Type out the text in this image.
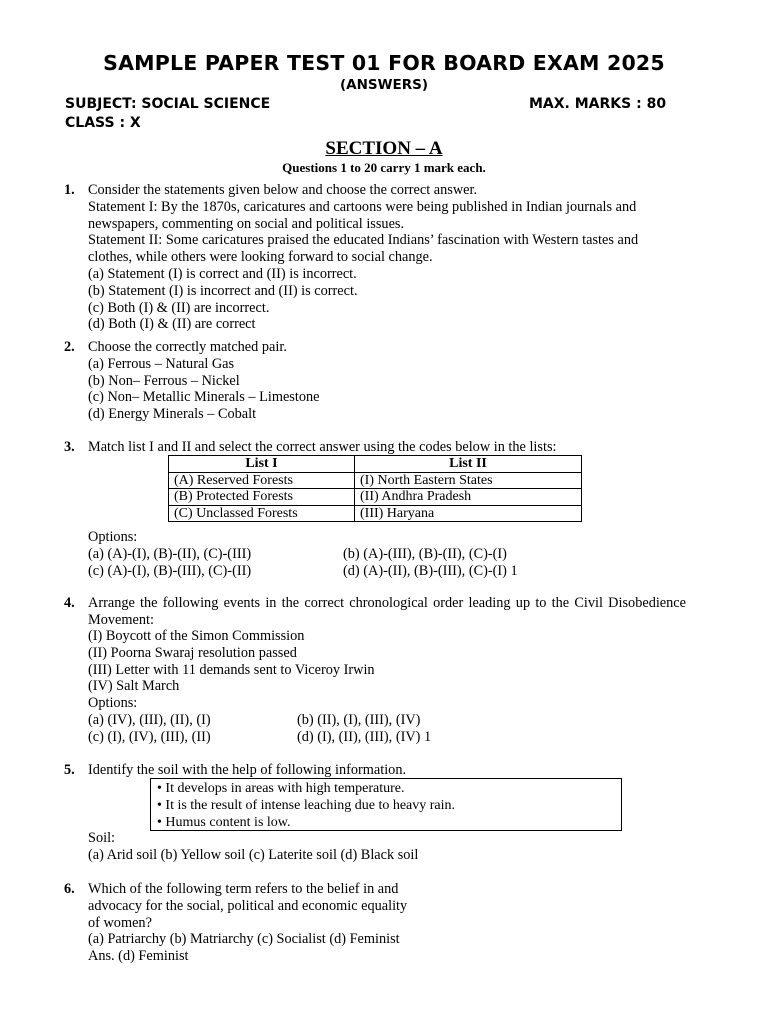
SAMPLE PAPER TEST 01 FOR BOARD EXAM 2025
(ANSWERS)
SUBJECT: SOCIAL SCIENCE	MAX. MARKS : 80
CLASS : X
SECTION – A
Questions 1 to 20 carry 1 mark each.
1. Consider the statements given below and choose the correct answer.
Statement I: By the 1870s, caricatures and cartoons were being published in Indian journals and
newspapers, commenting on social and political issues.
Statement II: Some caricatures praised the educated Indians’ fascination with Western tastes and
clothes, while others were looking forward to social change.
(a) Statement (I) is correct and (II) is incorrect.
(b) Statement (I) is incorrect and (II) is correct.
(c) Both (I) & (II) are incorrect.
(d) Both (I) & (II) are correct
2. Choose the correctly matched pair.
(a) Ferrous – Natural Gas
(b) Non– Ferrous – Nickel
(c) Non– Metallic Minerals – Limestone
(d) Energy Minerals – Cobalt
3. Match list I and II and select the correct answer using the codes below in the lists:
List I	List II
(A) Reserved Forests	(I) North Eastern States
(B) Protected Forests	(II) Andhra Pradesh
(C) Unclassed Forests	(III) Haryana
Options:
(a) (A)-(I), (B)-(II), (C)-(III)	(b) (A)-(III), (B)-(II), (C)-(I)
(c) (A)-(I), (B)-(III), (C)-(II)	(d) (A)-(II), (B)-(III), (C)-(I) 1
4. Arrange the following events in the correct chronological order leading up to the Civil Disobedience Movement:
(I) Boycott of the Simon Commission
(II) Poorna Swaraj resolution passed
(III) Letter with 11 demands sent to Viceroy Irwin
(IV) Salt March
Options:
(a) (IV), (III), (II), (I)	(b) (II), (I), (III), (IV)
(c) (I), (IV), (III), (II)	(d) (I), (II), (III), (IV) 1
5. Identify the soil with the help of following information.
• It develops in areas with high temperature.
• It is the result of intense leaching due to heavy rain.
• Humus content is low.
Soil:
(a) Arid soil (b) Yellow soil (c) Laterite soil (d) Black soil
6. Which of the following term refers to the belief in and
advocacy for the social, political and economic equality
of women?
(a) Patriarchy (b) Matriarchy (c) Socialist (d) Feminist
Ans. (d) Feminist
